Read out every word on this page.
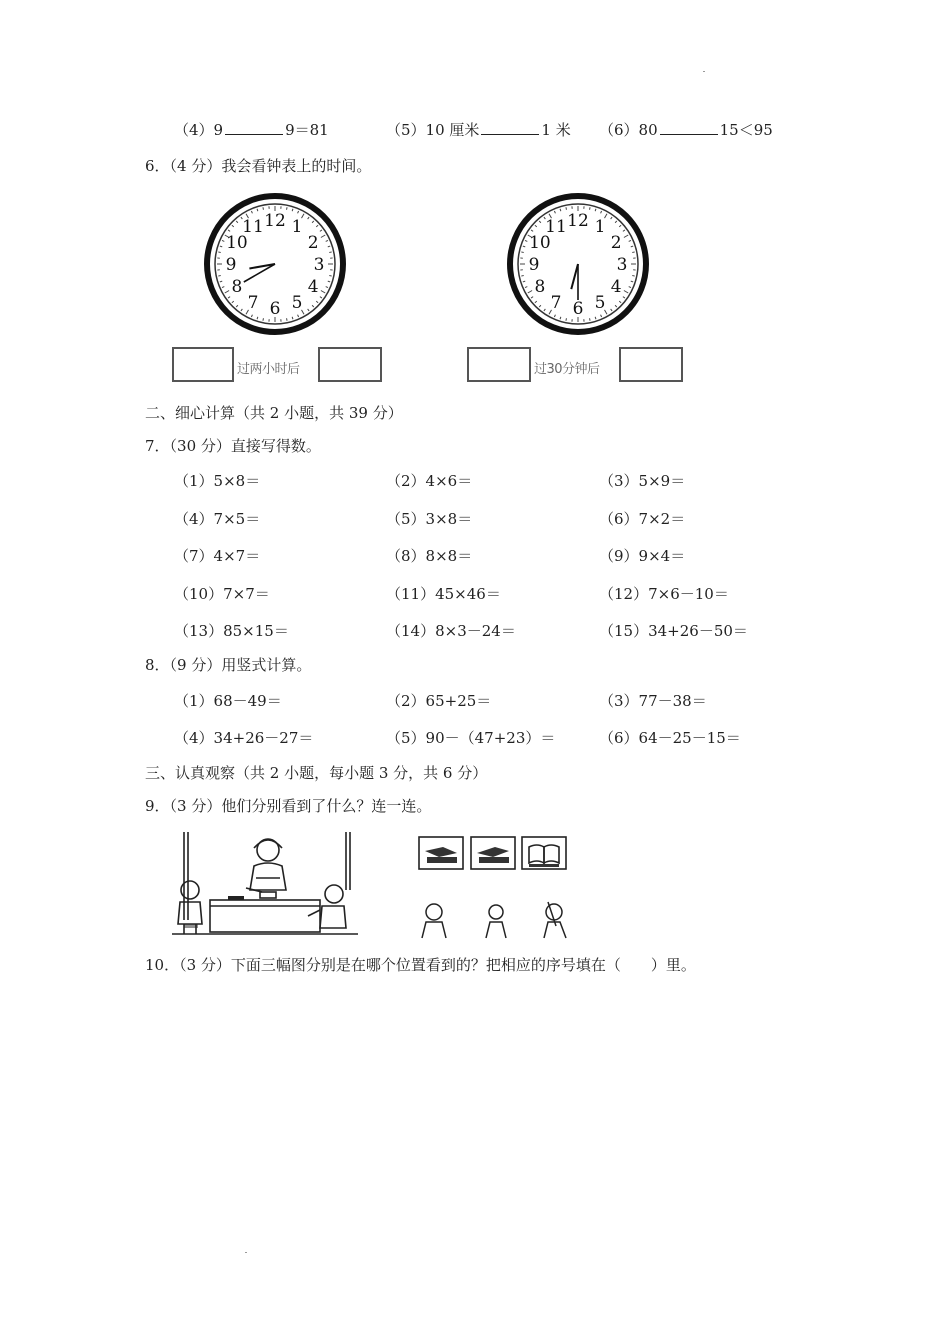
（4）9	9＝81	（5）10 厘米	1 米 （6）80	15＜95
6．（4 分）我会看钟表上的时间。
12 1
2
3
4
5
6
7
8
9
10
11	12 1
2
3
4
5
6
7
8
9
10
11
过两小时后	过30分钟后
二、细心计算（共 2 小题，共 39 分）
7．（30 分）直接写得数。
（1）5×8＝	（2）4×6＝	（3）5×9＝
（4）7×5＝	（5）3×8＝	（6）7×2＝
（7）4×7＝	（8）8×8＝	（9）9×4＝
（10）7×7＝	（11）45×46＝	（12）7×6－10＝
（13）85×15＝	（14）8×3－24＝	（15）34+26－50＝
8．（9 分）用竖式计算。
（1）68－49＝	（2）65+25＝	（3）77－38＝
（4）34+26－27＝	（5）90－（47+23）＝	（6）64－25－15＝
三、认真观察（共 2 小题，每小题 3 分，共 6 分）
9．（3 分）他们分别看到了什么？连一连。
10．（3 分）下面三幅图分别是在哪个位置看到的？把相应的序号填在（　　）里。
